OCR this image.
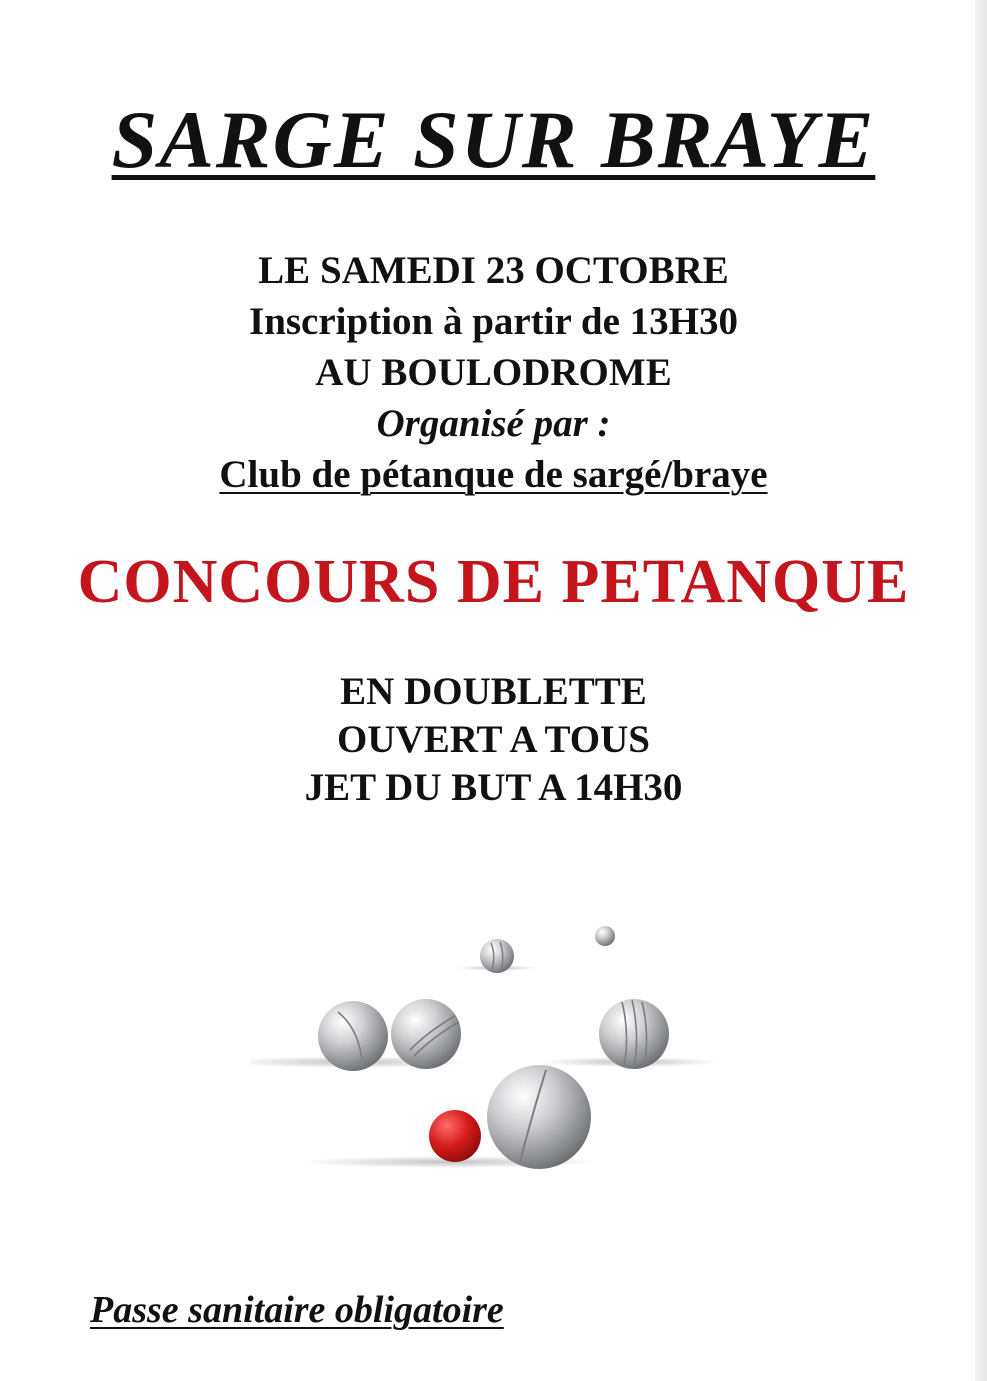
SARGE SUR BRAYE
LE SAMEDI 23 OCTOBRE
Inscription à partir de 13H30
AU BOULODROME
Organisé par :
Club de pétanque de sargé/braye
CONCOURS DE PETANQUE
EN DOUBLETTE
OUVERT A TOUS
JET DU BUT A 14H30
Passe sanitaire obligatoire
